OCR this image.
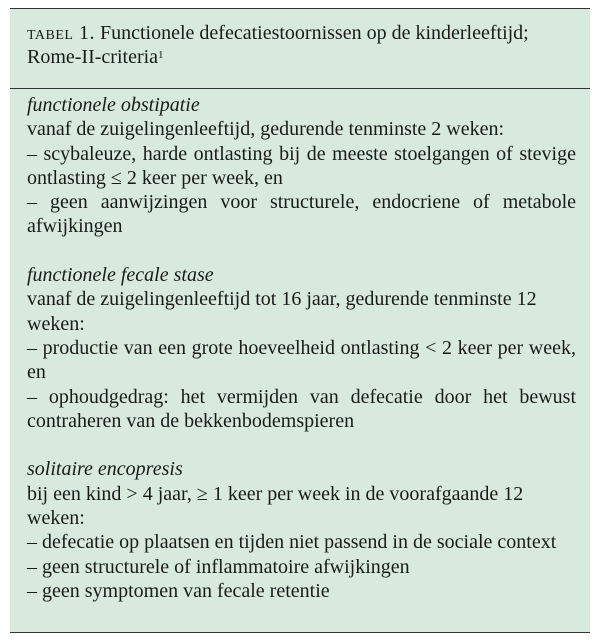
tabel 1. Functionele defecatiestoornissen op de kinderleeftijd; Rome-II-criteria$^1$
functionele obstipatie
vanaf de zuigelingenleeftijd, gedurende tenminste 2 weken:
– scybaleuze, harde ontlasting bij de meeste stoelgangen of stevige ontlasting ≤ 2 keer per week, en
– geen aanwijzingen voor structurele, endocriene of metabole afwijkingen
functionele fecale stase
vanaf de zuigelingenleeftijd tot 16 jaar, gedurende tenminste 12 weken:
– productie van een grote hoeveelheid ontlasting < 2 keer per week, en
– ophoudgedrag: het vermijden van defecatie door het bewust contraheren van de bekkenbodemspieren
solitaire encopresis
bij een kind > 4 jaar, ≥ 1 keer per week in de voorafgaande 12 weken:
– defecatie op plaatsen en tijden niet passend in de sociale context
– geen structurele of inflammatoire afwijkingen
– geen symptomen van fecale retentie
